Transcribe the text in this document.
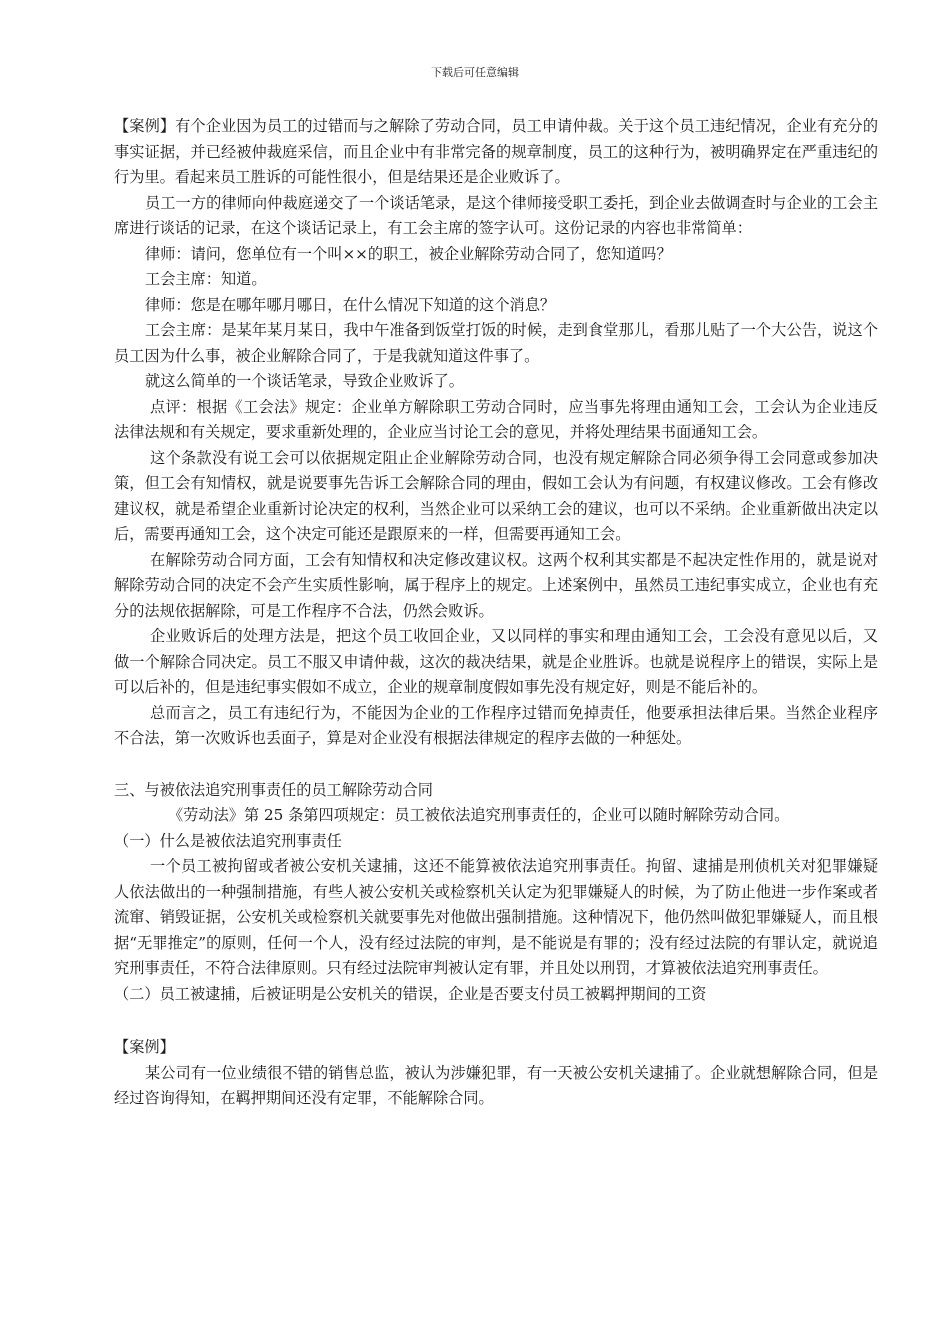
下载后可任意编辑

【案例】有个企业因为员工的过错而与之解除了劳动合同，员工申请仲裁。关于这个员工违纪情况，企业有充分的事实证据，并已经被仲裁庭采信，而且企业中有非常完备的规章制度，员工的这种行为，被明确界定在严重违纪的行为里。看起来员工胜诉的可能性很小，但是结果还是企业败诉了。

员工一方的律师向仲裁庭递交了一个谈话笔录，是这个律师接受职工委托，到企业去做调查时与企业的工会主席进行谈话的记录，在这个谈话记录上，有工会主席的签字认可。这份记录的内容也非常简单：

律师：请问，您单位有一个叫××的职工，被企业解除劳动合同了，您知道吗？

工会主席：知道。

律师：您是在哪年哪月哪日，在什么情况下知道的这个消息？

工会主席：是某年某月某日，我中午准备到饭堂打饭的时候，走到食堂那儿，看那儿贴了一个大公告，说这个员工因为什么事，被企业解除合同了，于是我就知道这件事了。

就这么简单的一个谈话笔录，导致企业败诉了。

点评：根据《工会法》规定：企业单方解除职工劳动合同时，应当事先将理由通知工会，工会认为企业违反法律法规和有关规定，要求重新处理的，企业应当讨论工会的意见，并将处理结果书面通知工会。

这个条款没有说工会可以依据规定阻止企业解除劳动合同，也没有规定解除合同必须争得工会同意或参加决策，但工会有知情权，就是说要事先告诉工会解除合同的理由，假如工会认为有问题，有权建议修改。工会有修改建议权，就是希望企业重新讨论决定的权利，当然企业可以采纳工会的建议，也可以不采纳。企业重新做出决定以后，需要再通知工会，这个决定可能还是跟原来的一样，但需要再通知工会。

在解除劳动合同方面，工会有知情权和决定修改建议权。这两个权利其实都是不起决定性作用的，就是说对解除劳动合同的决定不会产生实质性影响，属于程序上的规定。上述案例中，虽然员工违纪事实成立，企业也有充分的法规依据解除，可是工作程序不合法，仍然会败诉。

企业败诉后的处理方法是，把这个员工收回企业，又以同样的事实和理由通知工会，工会没有意见以后，又做一个解除合同决定。员工不服又申请仲裁，这次的裁决结果，就是企业胜诉。也就是说程序上的错误，实际上是可以后补的，但是违纪事实假如不成立，企业的规章制度假如事先没有规定好，则是不能后补的。

总而言之，员工有违纪行为，不能因为企业的工作程序过错而免掉责任，他要承担法律后果。当然企业程序不合法，第一次败诉也丢面子，算是对企业没有根据法律规定的程序去做的一种惩处。

三、与被依法追究刑事责任的员工解除劳动合同

《劳动法》第 25 条第四项规定：员工被依法追究刑事责任的，企业可以随时解除劳动合同。

（一）什么是被依法追究刑事责任

一个员工被拘留或者被公安机关逮捕，这还不能算被依法追究刑事责任。拘留、逮捕是刑侦机关对犯罪嫌疑人依法做出的一种强制措施，有些人被公安机关或检察机关认定为犯罪嫌疑人的时候，为了防止他进一步作案或者流窜、销毁证据，公安机关或检察机关就要事先对他做出强制措施。这种情况下，他仍然叫做犯罪嫌疑人，而且根据“无罪推定”的原则，任何一个人，没有经过法院的审判，是不能说是有罪的；没有经过法院的有罪认定，就说追究刑事责任，不符合法律原则。只有经过法院审判被认定有罪，并且处以刑罚，才算被依法追究刑事责任。

（二）员工被逮捕，后被证明是公安机关的错误，企业是否要支付员工被羁押期间的工资

【案例】

某公司有一位业绩很不错的销售总监，被认为涉嫌犯罪，有一天被公安机关逮捕了。企业就想解除合同，但是经过咨询得知，在羁押期间还没有定罪，不能解除合同。
